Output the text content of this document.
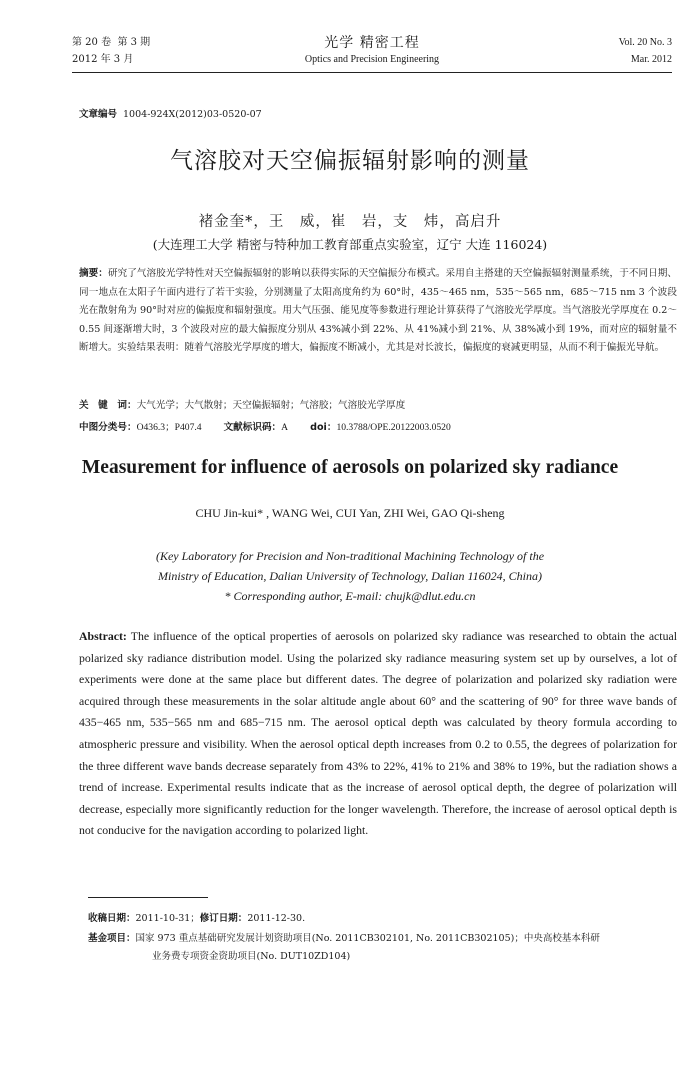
第 20 卷 第 3 期
2012 年 3 月
光学 精密工程
Optics and Precision Engineering
Vol. 20 No. 3
Mar. 2012
文章编号 1004-924X(2012)03-0520-07
气溶胶对天空偏振辐射影响的测量
褚金奎*，王　威，崔　岩，支　炜，高启升
(大连理工大学 精密与特种加工教育部重点实验室，辽宁 大连 116024)
摘要：研究了气溶胶光学特性对天空偏振辐射的影响以获得实际的天空偏振分布模式。采用自主搭建的天空偏振辐射测量系统，于不同日期、同一地点在太阳子午面内进行了若干实验，分别测量了太阳高度角约为 60°时，435～465 nm，535～565 nm，685～715 nm 3 个波段光在散射角为 90°时对应的偏振度和辐射强度。用大气压强、能见度等参数进行理论计算获得了气溶胶光学厚度。当气溶胶光学厚度在 0.2～0.55 间逐渐增大时，3 个波段对应的最大偏振度分别从 43%减小到 22%、从 41%减小到 21%、从 38%减小到 19%，而对应的辐射量不断增大。实验结果表明：随着气溶胶光学厚度的增大，偏振度不断减小，尤其是对长波长，偏振度的衰减更明显，从而不利于偏振光导航。
关　键　词：大气光学；大气散射；天空偏振辐射；气溶胶；气溶胶光学厚度
中图分类号：O436.3；P407.4 文献标识码：A doi：10.3788/OPE.20122003.0520
Measurement for influence of aerosols on polarized sky radiance
CHU Jin-kui* , WANG Wei, CUI Yan, ZHI Wei, GAO Qi-sheng
(Key Laboratory for Precision and Non-traditional Machining Technology of the
Ministry of Education, Dalian University of Technology, Dalian 116024, China)
* Corresponding author, E-mail: chujk@dlut.edu.cn
Abstract: The influence of the optical properties of aerosols on polarized sky radiance was researched to obtain the actual polarized sky radiance distribution model. Using the polarized sky radiance measuring system set up by ourselves, a lot of experiments were done at the same place but different dates. The degree of polarization and polarized sky radiation were acquired through these measurements in the solar altitude angle about 60° and the scattering of 90° for three wave bands of 435−465 nm, 535−565 nm and 685−715 nm. The aerosol optical depth was calculated by theory formula according to atmospheric pressure and visibility. When the aerosol optical depth increases from 0.2 to 0.55, the degrees of polarization for the three different wave bands decrease separately from 43% to 22%, 41% to 21% and 38% to 19%, but the radiation shows a trend of increase. Experimental results indicate that as the increase of aerosol optical depth, the degree of polarization will decrease, especially more significantly reduction for the longer wavelength. Therefore, the increase of aerosol optical depth is not conducive for the navigation according to polarized light.
收稿日期：2011-10-31；修订日期：2011-12-30.
基金项目：国家 973 重点基础研究发展计划资助项目(No. 2011CB302101, No. 2011CB302105)；中央高校基本科研
业务费专项资金资助项目(No. DUT10ZD104)
